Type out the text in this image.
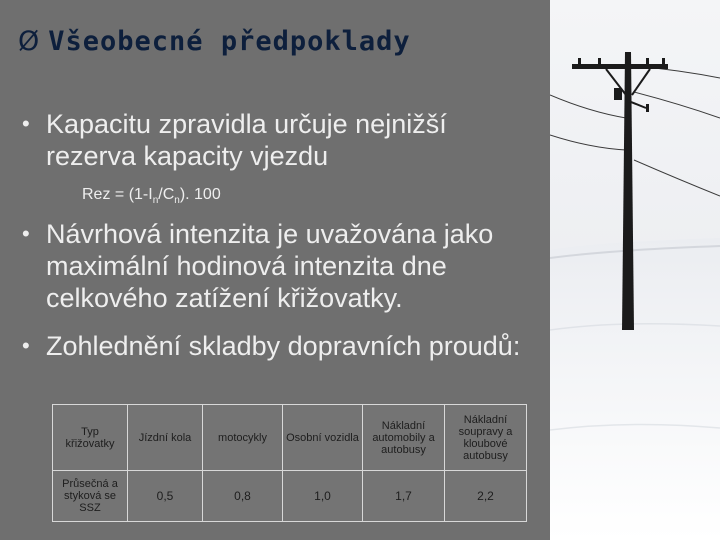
Ø Všeobecné předpoklady
• Kapacitu zpravidla určuje nejnižší rezerva kapacity vjezdu
Rez = $(1-I_n/C_n)$. 100
• Návrhová intenzita je uvažována jako maximální hodinová intenzita dne celkového zatížení křižovatky.
• Zohlednění skladby dopravních proudů:
Typ křižovatky	Jízdní kola	motocykly	Osobní vozidla	Nákladní automobily a autobusy	Nákladní soupravy a kloubové autobusy
Průsečná a styková se SSZ	0,5	0,8	1,0	1,7	2,2
